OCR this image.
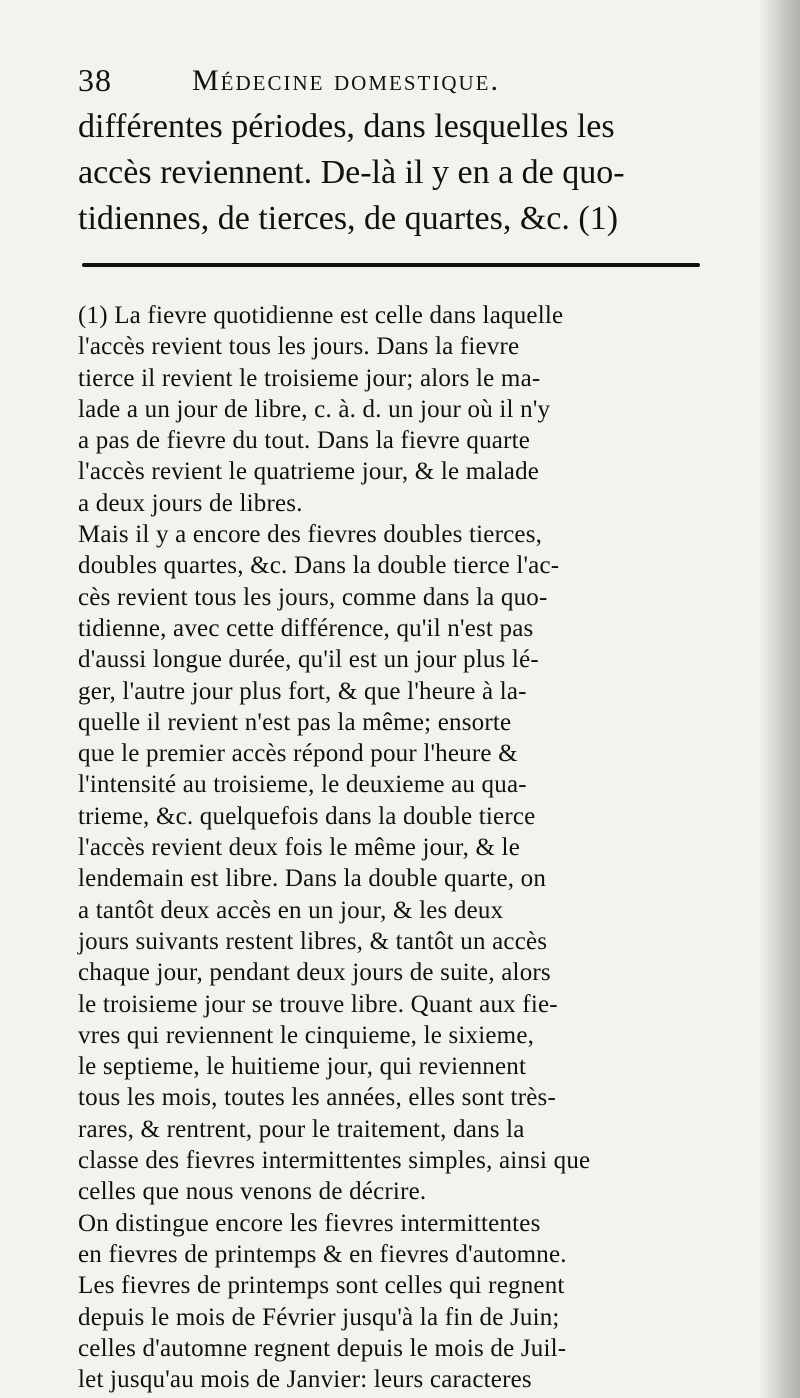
38	Médecine domestique.
différentes périodes, dans lesquelles les
accès reviennent. De-là il y en a de quo-
tidiennes, de tierces, de quartes, &c. (1)
(1) La fievre quotidienne est celle dans laquelle
l'accès revient tous les jours. Dans la fievre
tierce il revient le troisieme jour; alors le ma-
lade a un jour de libre, c. à. d. un jour où il n'y
a pas de fievre du tout. Dans la fievre quarte
l'accès revient le quatrieme jour, & le malade
a deux jours de libres.
Mais il y a encore des fievres doubles tierces,
doubles quartes, &c. Dans la double tierce l'ac-
cès revient tous les jours, comme dans la quo-
tidienne, avec cette différence, qu'il n'est pas
d'aussi longue durée, qu'il est un jour plus lé-
ger, l'autre jour plus fort, & que l'heure à la-
quelle il revient n'est pas la même; ensorte
que le premier accès répond pour l'heure &
l'intensité au troisieme, le deuxieme au qua-
trieme, &c. quelquefois dans la double tierce
l'accès revient deux fois le même jour, & le
lendemain est libre. Dans la double quarte, on
a tantôt deux accès en un jour, & les deux
jours suivants restent libres, & tantôt un accès
chaque jour, pendant deux jours de suite, alors
le troisieme jour se trouve libre. Quant aux fie-
vres qui reviennent le cinquieme, le sixieme,
le septieme, le huitieme jour, qui reviennent
tous les mois, toutes les années, elles sont très-
rares, & rentrent, pour le traitement, dans la
classe des fievres intermittentes simples, ainsi que
celles que nous venons de décrire.
On distingue encore les fievres intermittentes
en fievres de printemps & en fievres d'automne.
Les fievres de printemps sont celles qui regnent
depuis le mois de Février jusqu'à la fin de Juin;
celles d'automne regnent depuis le mois de Juil-
let jusqu'au mois de Janvier: leurs caracteres
